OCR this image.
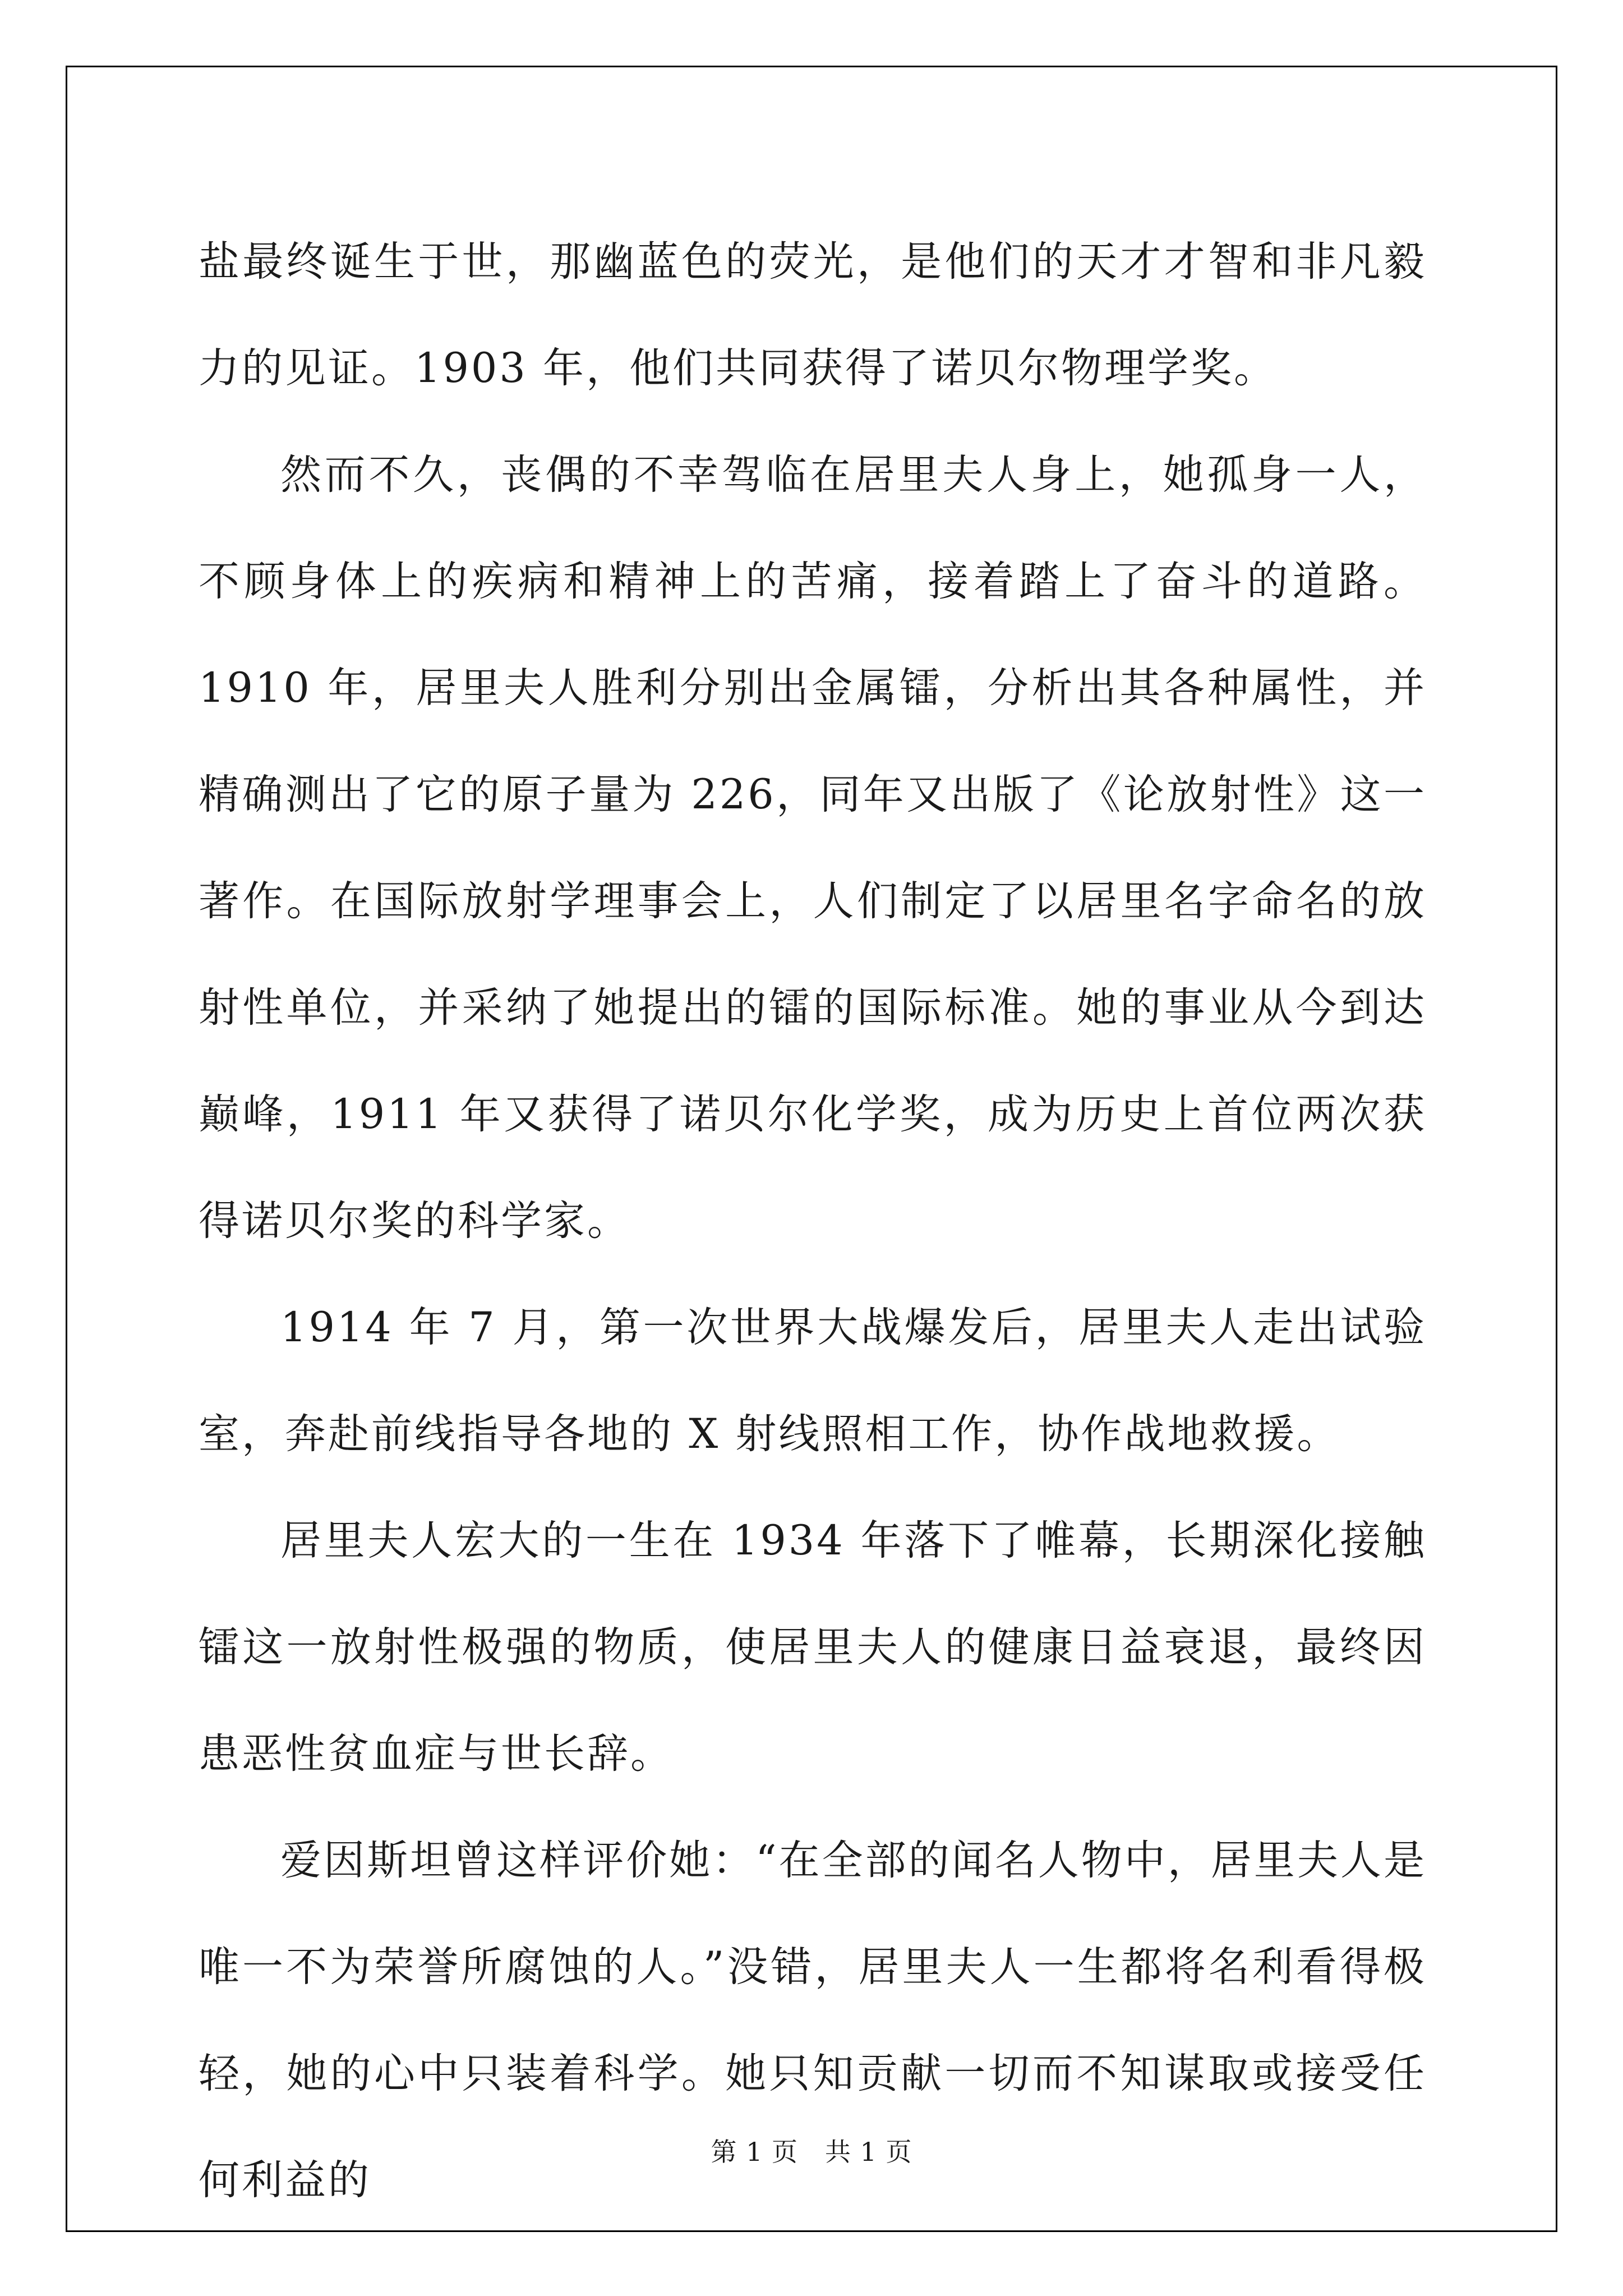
盐最终诞生于世，那幽蓝色的荧光，是他们的天才才智和非凡毅力的见证。1903 年，他们共同获得了诺贝尔物理学奖。

然而不久，丧偶的不幸驾临在居里夫人身上，她孤身一人，不顾身体上的疾病和精神上的苦痛，接着踏上了奋斗的道路。1910 年，居里夫人胜利分别出金属镭，分析出其各种属性，并精确测出了它的原子量为 226，同年又出版了《论放射性》这一著作。在国际放射学理事会上，人们制定了以居里名字命名的放射性单位，并采纳了她提出的镭的国际标准。她的事业从今到达巅峰，1911 年又获得了诺贝尔化学奖，成为历史上首位两次获得诺贝尔奖的科学家。

1914 年 7 月，第一次世界大战爆发后，居里夫人走出试验室，奔赴前线指导各地的 X 射线照相工作，协作战地救援。

居里夫人宏大的一生在 1934 年落下了帷幕，长期深化接触镭这一放射性极强的物质，使居里夫人的健康日益衰退，最终因患恶性贫血症与世长辞。

爱因斯坦曾这样评价她：“在全部的闻名人物中，居里夫人是唯一不为荣誉所腐蚀的人。”没错，居里夫人一生都将名利看得极轻，她的心中只装着科学。她只知贡献一切而不知谋取或接受任何利益的

第 1 页 共 1 页
